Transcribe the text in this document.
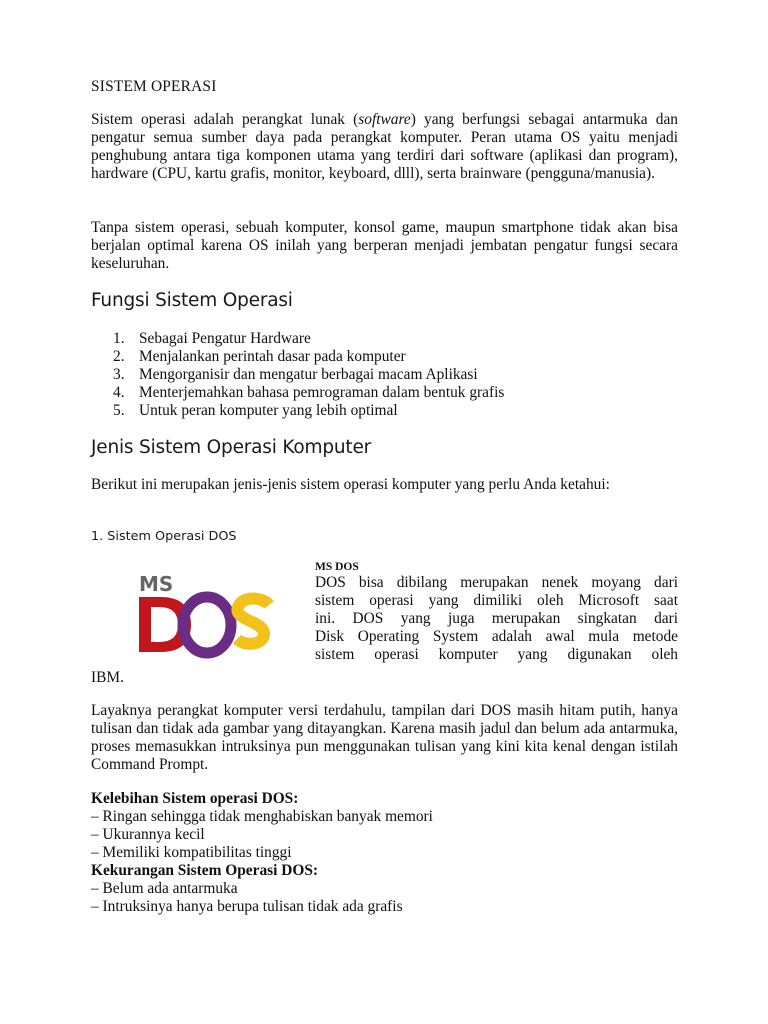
SISTEM OPERASI

Sistem operasi adalah perangkat lunak (software) yang berfungsi sebagai antarmuka dan pengatur semua sumber daya pada perangkat komputer. Peran utama OS yaitu menjadi penghubung antara tiga komponen utama yang terdiri dari software (aplikasi dan program), hardware (CPU, kartu grafis, monitor, keyboard, dlll), serta brainware (pengguna/manusia).

Tanpa sistem operasi, sebuah komputer, konsol game, maupun smartphone tidak akan bisa berjalan optimal karena OS inilah yang berperan menjadi jembatan pengatur fungsi secara keseluruhan.

Fungsi Sistem Operasi
1. Sebagai Pengatur Hardware
2. Menjalankan perintah dasar pada komputer
3. Mengorganisir dan mengatur berbagai macam Aplikasi
4. Menterjemahkan bahasa pemrograman dalam bentuk grafis
5. Untuk peran komputer yang lebih optimal
Jenis Sistem Operasi Komputer

Berikut ini merupakan jenis-jenis sistem operasi komputer yang perlu Anda ketahui:

1. Sistem Operasi DOS
MS DOS
DOS bisa dibilang merupakan nenek moyang dari
sistem operasi yang dimiliki oleh Microsoft saat
ini. DOS yang juga merupakan singkatan dari
Disk Operating System adalah awal mula metode
sistem operasi komputer yang digunakan oleh
IBM.

Layaknya perangkat komputer versi terdahulu, tampilan dari DOS masih hitam putih, hanya tulisan dan tidak ada gambar yang ditayangkan. Karena masih jadul dan belum ada antarmuka, proses memasukkan intruksinya pun menggunakan tulisan yang kini kita kenal dengan istilah Command Prompt.

Kelebihan Sistem operasi DOS:
– Ringan sehingga tidak menghabiskan banyak memori
– Ukurannya kecil
– Memiliki kompatibilitas tinggi
Kekurangan Sistem Operasi DOS:
– Belum ada antarmuka
– Intruksinya hanya berupa tulisan tidak ada grafis
MS
